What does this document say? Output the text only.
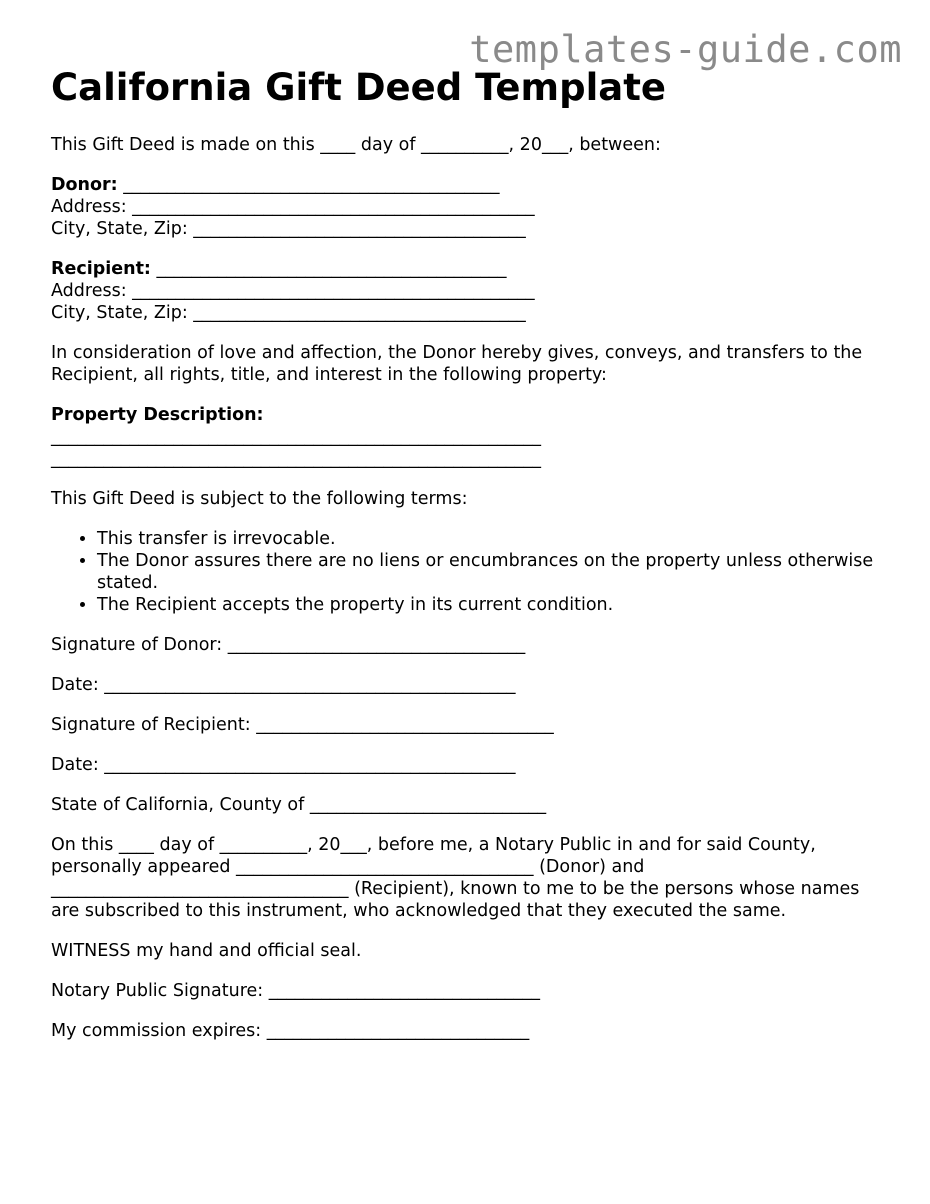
templates-guide.com
California Gift Deed Template

This Gift Deed is made on this ____ day of __________, 20___, between:

Donor: ___________________________________________

Address: ______________________________________________

City, State, Zip: ______________________________________

Recipient: ________________________________________

Address: ______________________________________________

City, State, Zip: ______________________________________

In consideration of love and affection, the Donor hereby gives, conveys, and transfers to the Recipient, all rights, title, and interest in the following property:

Property Description:

________________________________________________________

________________________________________________________

This Gift Deed is subject to the following terms:

• This transfer is irrevocable.
• The Donor assures there are no liens or encumbrances on the property unless otherwise stated.
• The Recipient accepts the property in its current condition.

Signature of Donor: __________________________________

Date: _______________________________________________

Signature of Recipient: __________________________________

Date: _______________________________________________

State of California, County of ___________________________

On this ____ day of __________, 20___, before me, a Notary Public in and for said County, personally appeared __________________________________ (Donor) and __________________________________ (Recipient), known to me to be the persons whose names are subscribed to this instrument, who acknowledged that they executed the same.

WITNESS my hand and official seal.

Notary Public Signature: _______________________________

My commission expires: ______________________________
